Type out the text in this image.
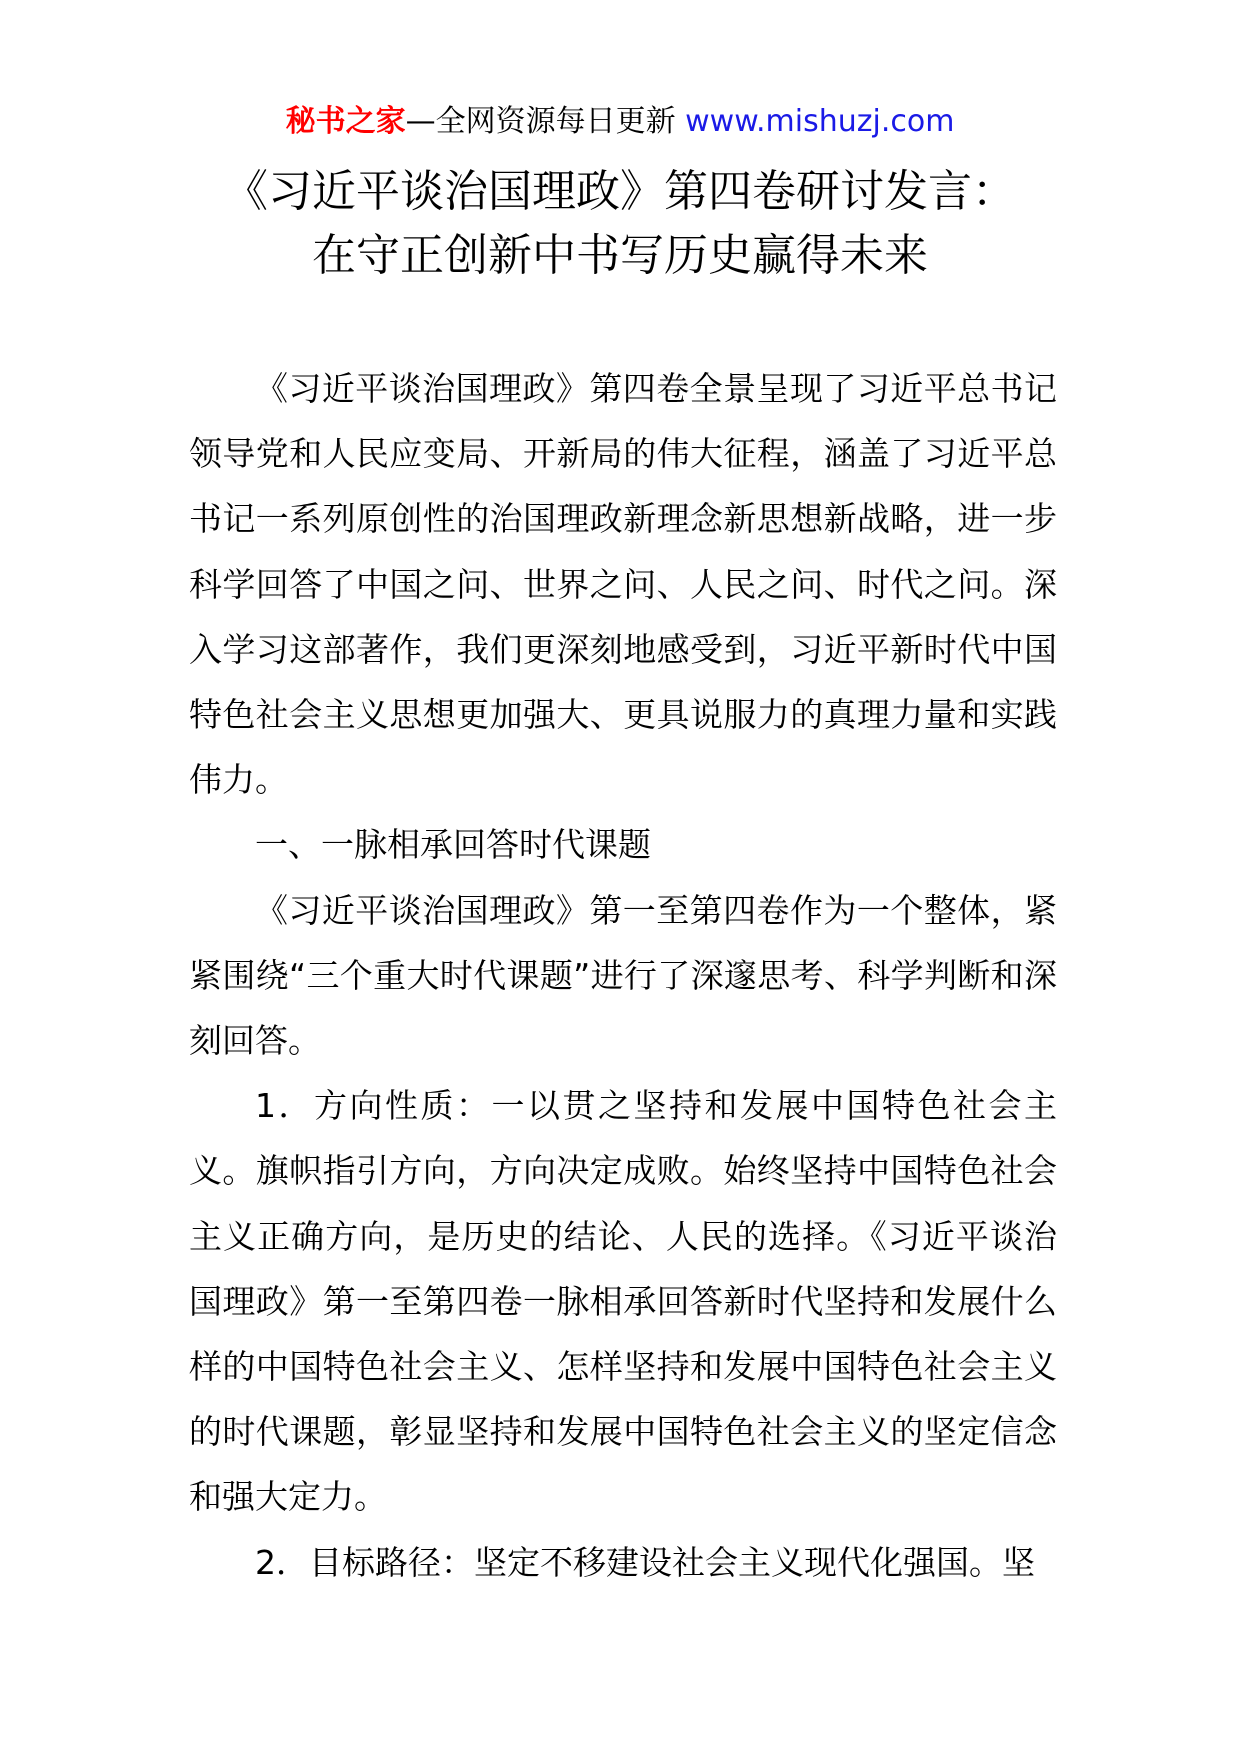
秘书之家—全网资源每日更新 www.mishuzj.com
《习近平谈治国理政》第四卷研讨发言：
在守正创新中书写历史赢得未来

《习近平谈治国理政》第四卷全景呈现了习近平总书记领导党和人民应变局、开新局的伟大征程，涵盖了习近平总书记一系列原创性的治国理政新理念新思想新战略，进一步科学回答了中国之问、世界之问、人民之问、时代之问。深入学习这部著作，我们更深刻地感受到，习近平新时代中国特色社会主义思想更加强大、更具说服力的真理力量和实践伟力。

一、一脉相承回答时代课题

《习近平谈治国理政》第一至第四卷作为一个整体，紧紧围绕“三个重大时代课题”进行了深邃思考、科学判断和深刻回答。

1．方向性质：一以贯之坚持和发展中国特色社会主义。旗帜指引方向，方向决定成败。始终坚持中国特色社会主义正确方向，是历史的结论、人民的选择。《习近平谈治国理政》第一至第四卷一脉相承回答新时代坚持和发展什么样的中国特色社会主义、怎样坚持和发展中国特色社会主义的时代课题，彰显坚持和发展中国特色社会主义的坚定信念和强大定力。

2．目标路径：坚定不移建设社会主义现代化强国。坚
